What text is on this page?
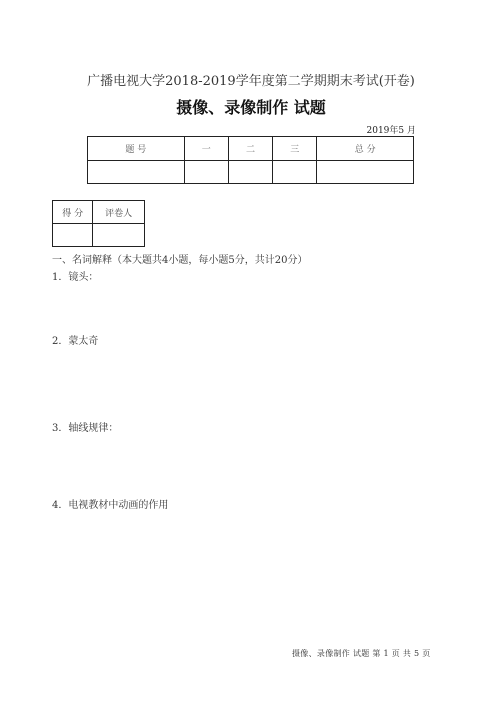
广播电视大学2018-2019学年度第二学期期末考试(开卷)
摄像、录像制作 试题
2019年5 月
题 号	一	二	三	总 分

得 分	评卷人

一、名词解释（本大题共4小题，每小题5分，共计20分）
1．镜头：
2．蒙太奇
3．轴线规律：
4．电视教材中动画的作用
摄像、录像制作 试题 第 1 页 共 5 页
